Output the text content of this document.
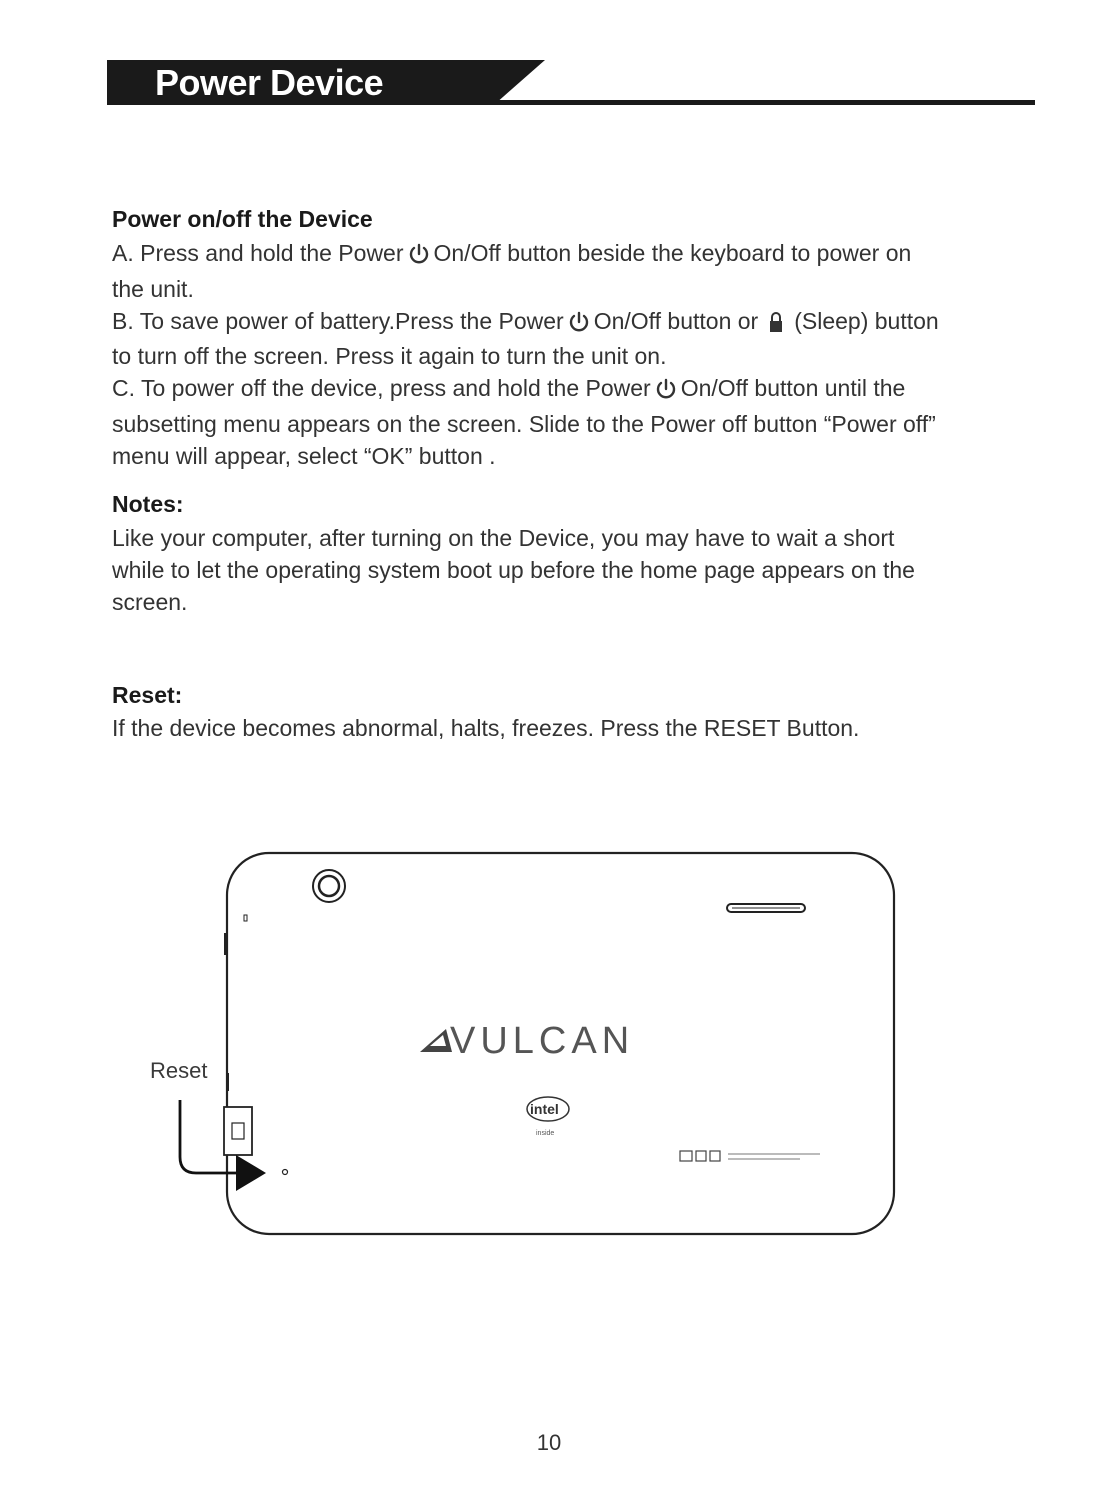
Power Device
Power on/off the Device
A. Press and hold the Power On/Off button beside the keyboard to power on
the unit.
B. To save power of battery.Press the Power On/Off button or (Sleep) button
to turn off the screen. Press it again to turn the unit on.
C. To power off the device, press and hold the Power On/Off button until the
subsetting menu appears on the screen. Slide to the Power off button “Power off”
menu will appear, select “OK” button .
Notes:
Like your computer, after turning on the Device, you may have to wait a short
while to let the operating system boot up before the home page appears on the
screen.
Reset:
If the device becomes abnormal, halts, freezes. Press the RESET Button.
VULCAN
intel
inside
Reset
10
